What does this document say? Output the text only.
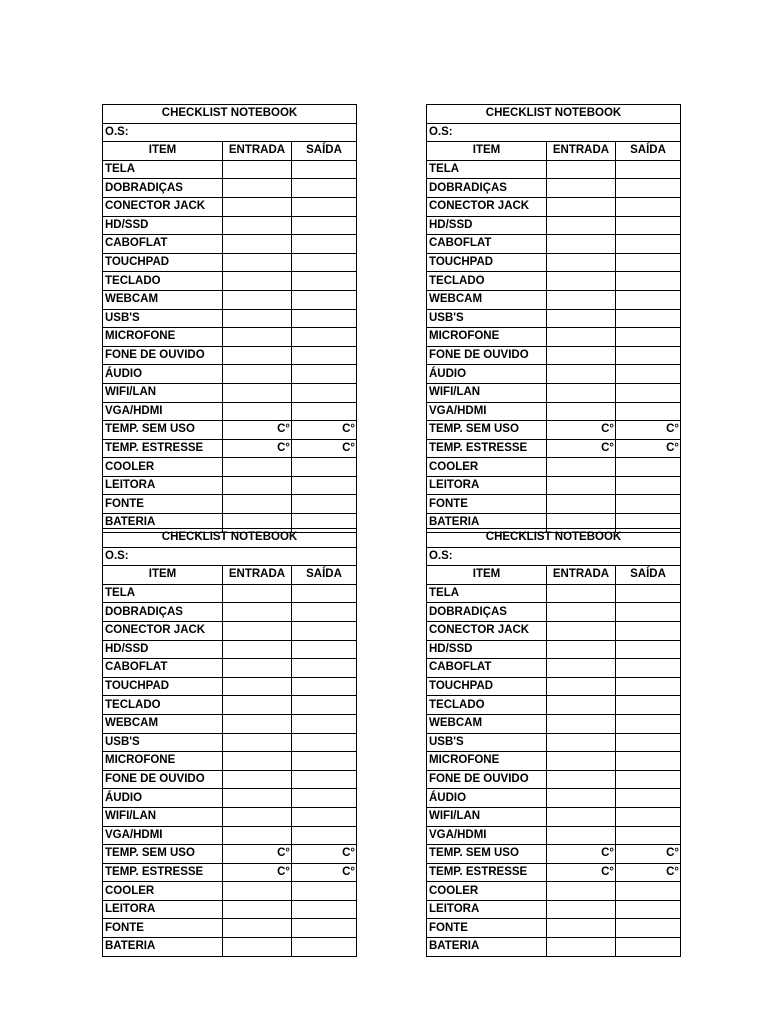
CHECKLIST NOTEBOOK		
O.S:		
ITEM	ENTRADA	SAÍDA
TELA		
DOBRADIÇAS		
CONECTOR JACK		
HD/SSD		
CABOFLAT		
TOUCHPAD		
TECLADO		
WEBCAM		
USB'S		
MICROFONE		
FONE DE OUVIDO		
ÁUDIO		
WIFI/LAN		
VGA/HDMI		
TEMP. SEM USO	C°	C°
TEMP. ESTRESSE	C°	C°
COOLER		
LEITORA		
FONTE		
BATERIA		
CHECKLIST NOTEBOOK		
O.S:		
ITEM	ENTRADA	SAÍDA
TELA		
DOBRADIÇAS		
CONECTOR JACK		
HD/SSD		
CABOFLAT		
TOUCHPAD		
TECLADO		
WEBCAM		
USB'S		
MICROFONE		
FONE DE OUVIDO		
ÁUDIO		
WIFI/LAN		
VGA/HDMI		
TEMP. SEM USO	C°	C°
TEMP. ESTRESSE	C°	C°
COOLER		
LEITORA		
FONTE		
BATERIA		
CHECKLIST NOTEBOOK		
O.S:		
ITEM	ENTRADA	SAÍDA
TELA		
DOBRADIÇAS		
CONECTOR JACK		
HD/SSD		
CABOFLAT		
TOUCHPAD		
TECLADO		
WEBCAM		
USB'S		
MICROFONE		
FONE DE OUVIDO		
ÁUDIO		
WIFI/LAN		
VGA/HDMI		
TEMP. SEM USO	C°	C°
TEMP. ESTRESSE	C°	C°
COOLER		
LEITORA		
FONTE		
BATERIA		
CHECKLIST NOTEBOOK		
O.S:		
ITEM	ENTRADA	SAÍDA
TELA		
DOBRADIÇAS		
CONECTOR JACK		
HD/SSD		
CABOFLAT		
TOUCHPAD		
TECLADO		
WEBCAM		
USB'S		
MICROFONE		
FONE DE OUVIDO		
ÁUDIO		
WIFI/LAN		
VGA/HDMI		
TEMP. SEM USO	C°	C°
TEMP. ESTRESSE	C°	C°
COOLER		
LEITORA		
FONTE		
BATERIA		
